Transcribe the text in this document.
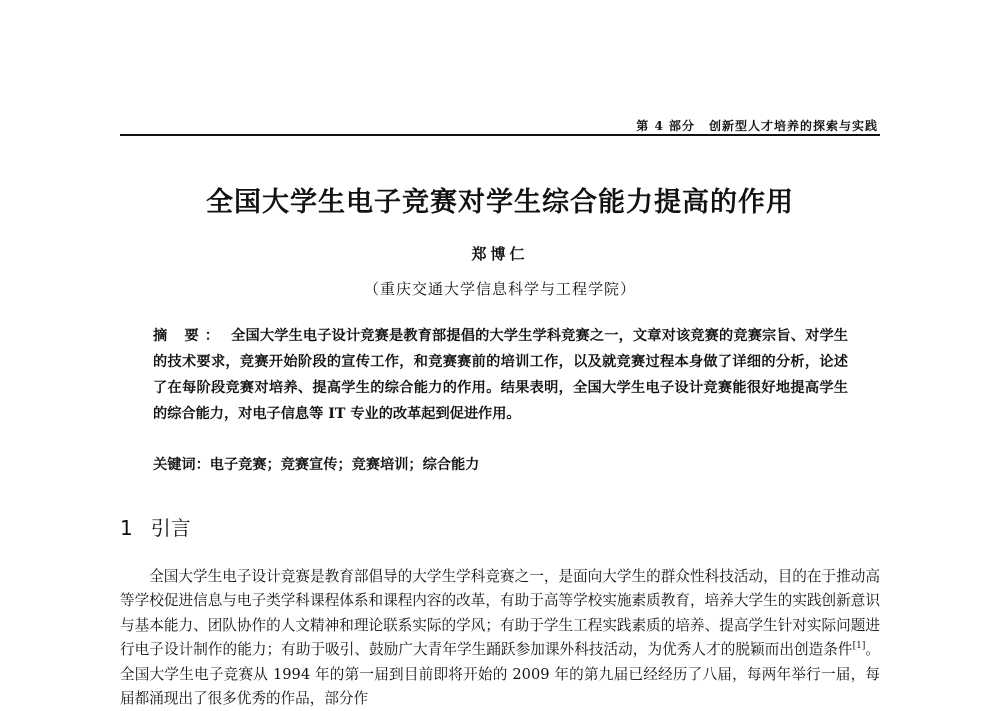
第 4 部分 创新型人才培养的探索与实践
全国大学生电子竞赛对学生综合能力提高的作用
郑博仁
（重庆交通大学信息科学与工程学院）
摘 要： 全国大学生电子设计竞赛是教育部提倡的大学生学科竞赛之一，文章对该竞赛的竞赛宗旨、对学生的技术要求，竞赛开始阶段的宣传工作，和竞赛赛前的培训工作，以及就竞赛过程本身做了详细的分析，论述了在每阶段竞赛对培养、提高学生的综合能力的作用。结果表明，全国大学生电子设计竞赛能很好地提高学生的综合能力，对电子信息等 IT 专业的改革起到促进作用。
关键词：电子竞赛；竞赛宣传；竞赛培训；综合能力
1 引言
全国大学生电子设计竞赛是教育部倡导的大学生学科竞赛之一，是面向大学生的群众性科技活动，目的在于推动高等学校促进信息与电子类学科课程体系和课程内容的改革，有助于高等学校实施素质教育，培养大学生的实践创新意识与基本能力、团队协作的人文精神和理论联系实际的学风；有助于学生工程实践素质的培养、提高学生针对实际问题进行电子设计制作的能力；有助于吸引、鼓励广大青年学生踊跃参加课外科技活动，为优秀人才的脱颖而出创造条件[1]。全国大学生电子竞赛从 1994 年的第一届到目前即将开始的 2009 年的第九届已经经历了八届，每两年举行一届，每届都涌现出了很多优秀的作品，部分作
